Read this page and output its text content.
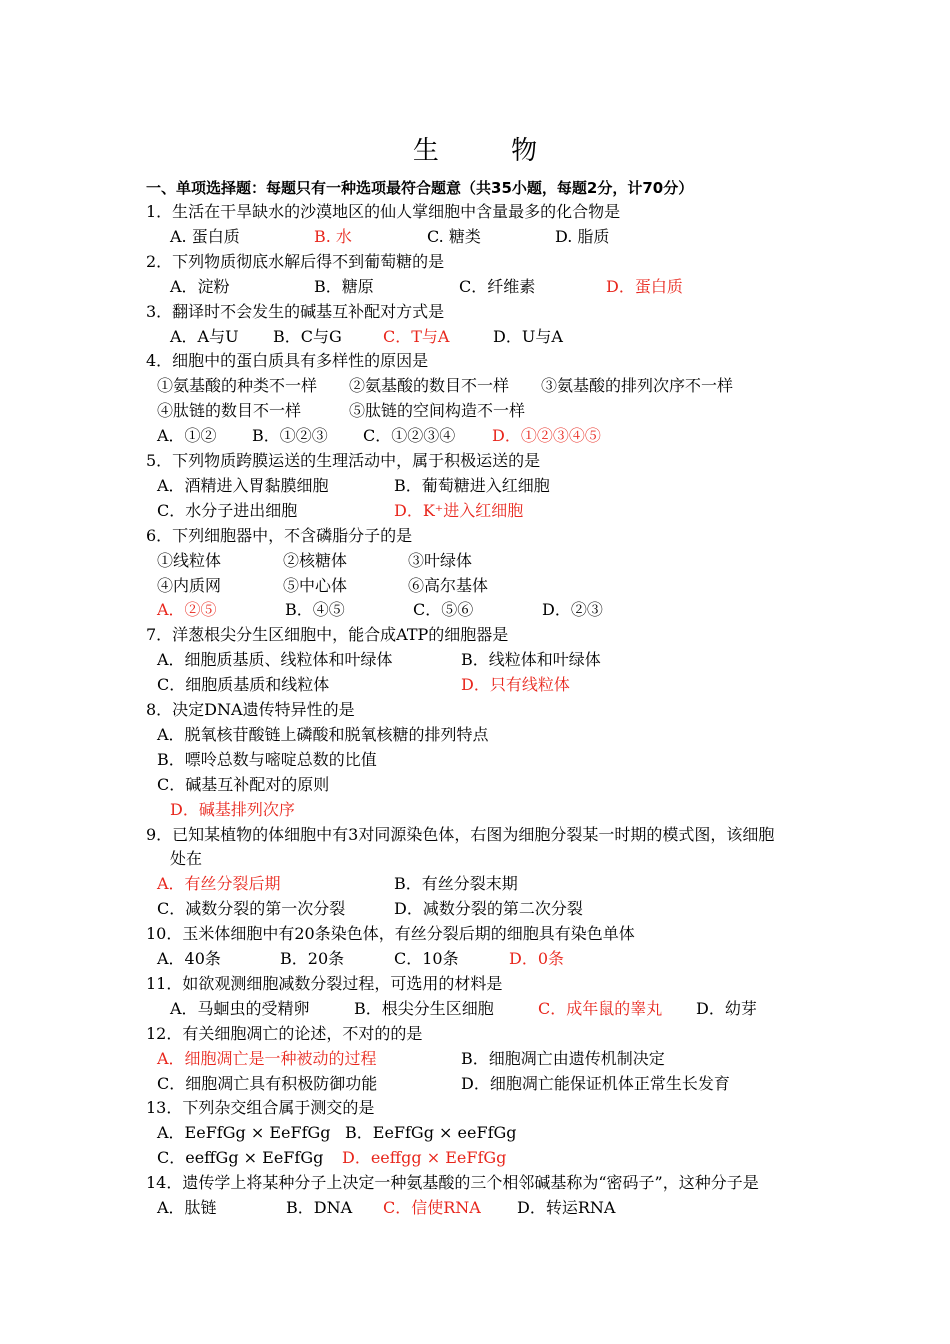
生 物
一、单项选择题：每题只有一种选项最符合题意（共35小题，每题2分，计70分）
1．生活在干旱缺水的沙漠地区的仙人掌细胞中含量最多的化合物是
A. 蛋白质	B. 水	C. 糖类	D. 脂质
2．下列物质彻底水解后得不到葡萄糖的是
A．淀粉	B．糖原	C．纤维素	D．蛋白质
3．翻译时不会发生的碱基互补配对方式是
A．A与U B．C与G	C．T与A	D．U与A
4．细胞中的蛋白质具有多样性的原因是
①氨基酸的种类不一样 ②氨基酸的数目不一样 ③氨基酸的排列次序不一样
④肽链的数目不一样	⑤肽链的空间构造不一样
A．①② B．①②③ C．①②③④ D．①②③④⑤
5．下列物质跨膜运送的生理活动中，属于积极运送的是
A．酒精进入胃黏膜细胞	B．葡萄糖进入红细胞
C．水分子进出细胞	D．K⁺进入红细胞
6．下列细胞器中，不含磷脂分子的是
①线粒体	②核糖体	③叶绿体
④内质网	⑤中心体	⑥高尔基体
A．②⑤	B．④⑤	C．⑤⑥	D．②③
7．洋葱根尖分生区细胞中，能合成ATP的细胞器是
A．细胞质基质、线粒体和叶绿体	B．线粒体和叶绿体
C．细胞质基质和线粒体	D．只有线粒体
8．决定DNA遗传特异性的是
A．脱氧核苷酸链上磷酸和脱氧核糖的排列特点
B．嘌呤总数与嘧啶总数的比值
C．碱基互补配对的原则
D．碱基排列次序
9．已知某植物的体细胞中有3对同源染色体，右图为细胞分裂某一时期的模式图，该细胞
处在
A．有丝分裂后期	B．有丝分裂末期
C．减数分裂的第一次分裂	D．减数分裂的第二次分裂
10．玉米体细胞中有20条染色体，有丝分裂后期的细胞具有染色单体
A．40条	B．20条	C．10条	D．0条
11．如欲观测细胞减数分裂过程，可选用的材料是
A．马蛔虫的受精卵	B．根尖分生区细胞	C．成年鼠的睾丸 D．幼芽
12．有关细胞凋亡的论述，不对的的是
A．细胞凋亡是一种被动的过程	B．细胞凋亡由遗传机制决定
C．细胞凋亡具有积极防御功能	D．细胞凋亡能保证机体正常生长发育
13．下列杂交组合属于测交的是
A．EeFfGg × EeFfGg B．EeFfGg × eeFfGg
C．eeffGg × EeFfGg D．eeffgg × EeFfGg
14．遗传学上将某种分子上决定一种氨基酸的三个相邻碱基称为“密码子”，这种分子是
A．肽链	B．DNA C．信使RNA D．转运RNA
